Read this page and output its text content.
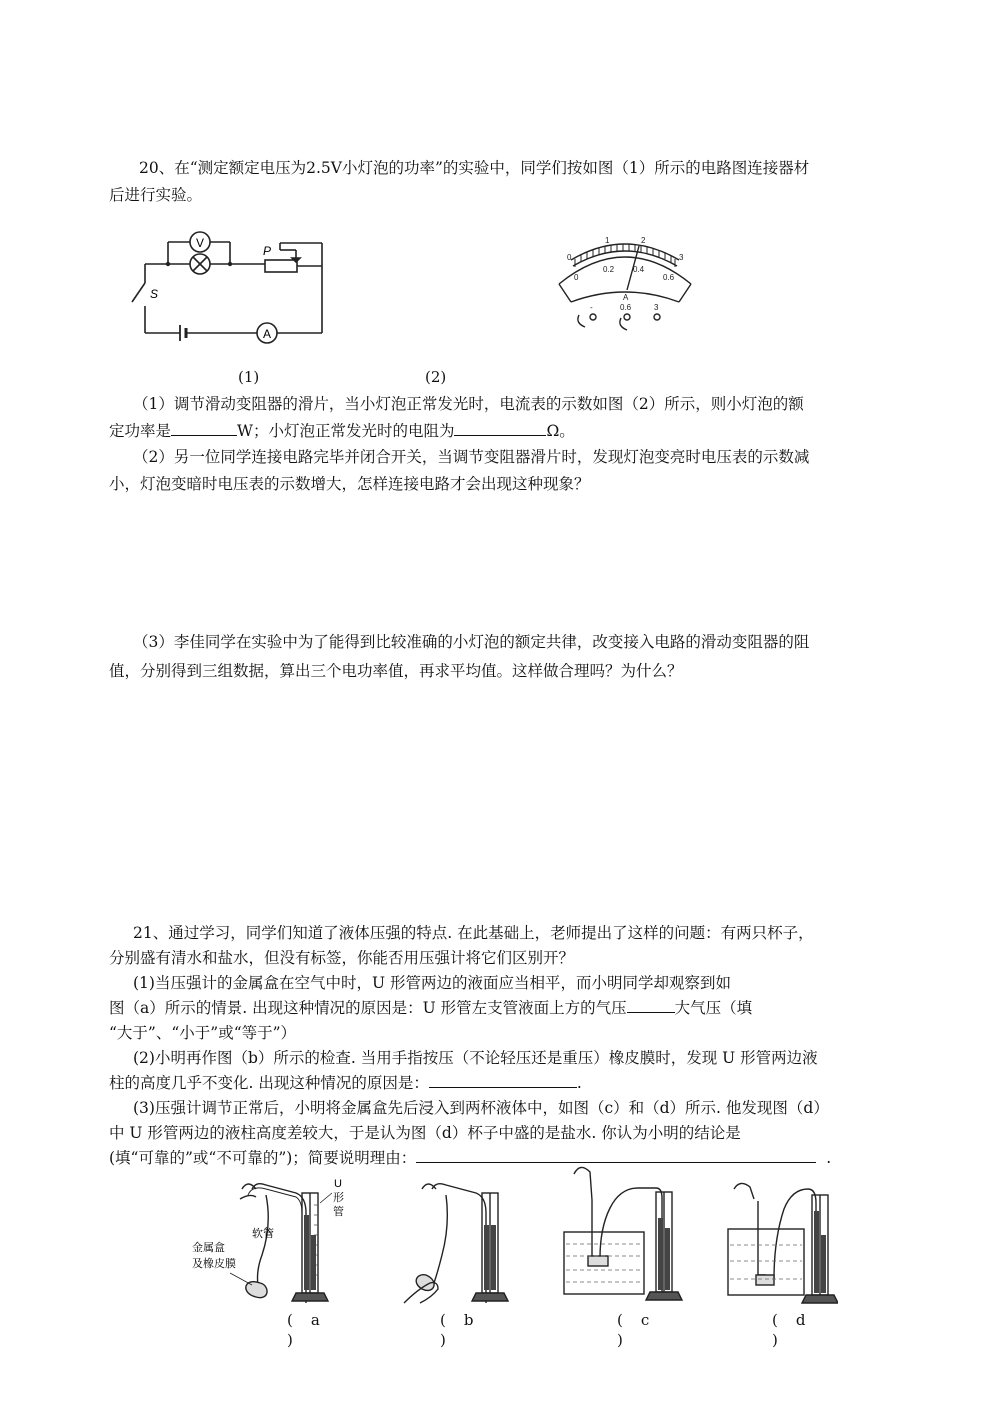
20、在“测定额定电压为2.5V小灯泡的功率”的实验中，同学们按如图（1）所示的电路图连接器材
后进行实验。
V
A
S
P	0
1	2
3
0
0.2 0.4
0.6
A
-	0.6	3
(1)	(2)
（1）调节滑动变阻器的滑片，当小灯泡正常发光时，电流表的示数如图（2）所示，则小灯泡的额
定功率是	W；小灯泡正常发光时的电阻为	Ω。
（2）另一位同学连接电路完毕并闭合开关，当调节变阻器滑片时，发现灯泡变亮时电压表的示数减
小，灯泡变暗时电压表的示数增大，怎样连接电路才会出现这种现象？
（3）李佳同学在实验中为了能得到比较准确的小灯泡的额定共律，改变接入电路的滑动变阻器的阻
值，分别得到三组数据，算出三个电功率值，再求平均值。这样做合理吗？为什么？
21、通过学习，同学们知道了液体压强的特点. 在此基础上，老师提出了这样的问题：有两只杯子，
分别盛有清水和盐水，但没有标签，你能否用压强计将它们区别开？
(1)当压强计的金属盒在空气中时，U 形管两边的液面应当相平，而小明同学却观察到如
图（a）所示的情景. 出现这种情况的原因是：U 形管左支管液面上方的气压	大气压（填
“大于”、“小于”或“等于”）
(2)小明再作图（b）所示的检查. 当用手指按压（不论轻压还是重压）橡皮膜时，发现 U 形管两边液
柱的高度几乎不变化. 出现这种情况的原因是：	.
(3)压强计调节正常后，小明将金属盒先后浸入到两杯液体中，如图（c）和（d）所示. 他发现图（d）
中 U 形管两边的液柱高度差较大，于是认为图（d）杯子中盛的是盐水. 你认为小明的结论是
(填“可靠的”或“不可靠的”)；简要说明理由：	.
U
形
管
软管
金属盒
及橡皮膜
( a
)
( b
)
( c
)
( d
)
